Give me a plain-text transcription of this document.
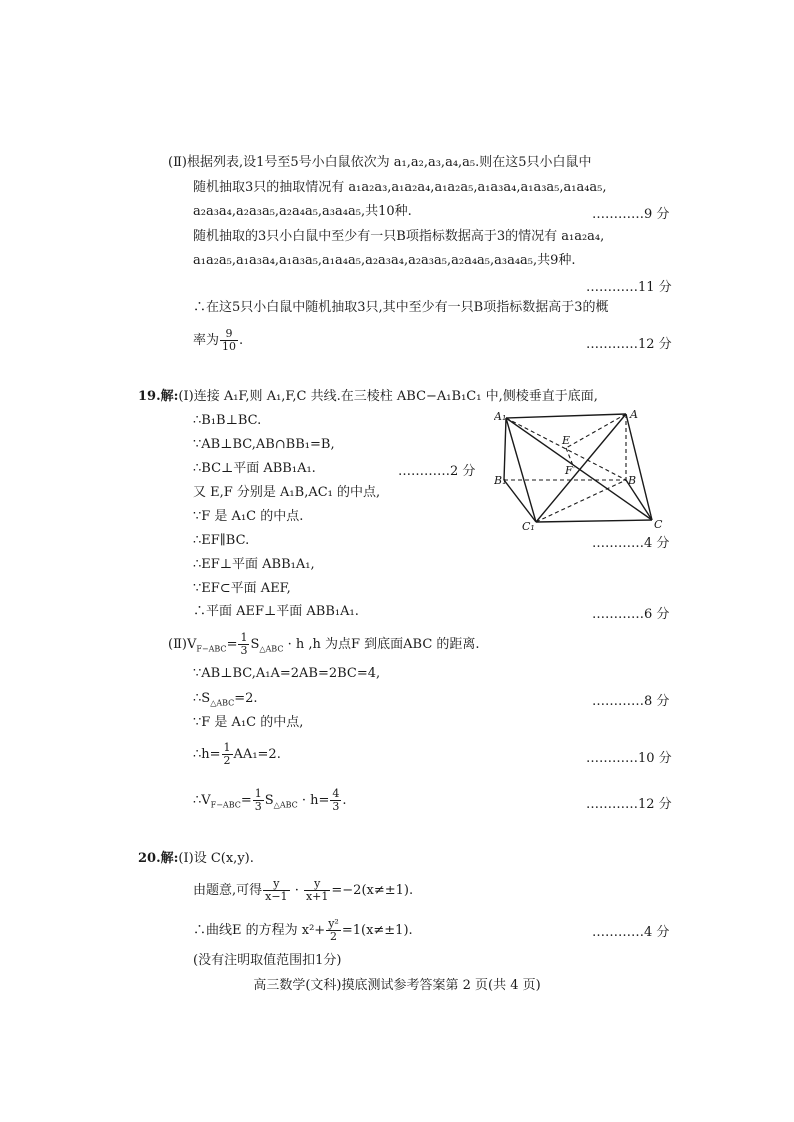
(Ⅱ)根据列表,设1号至5号小白鼠依次为 a₁,a₂,a₃,a₄,a₅.则在这5只小白鼠中
随机抽取3只的抽取情况有 a₁a₂a₃,a₁a₂a₄,a₁a₂a₅,a₁a₃a₄,a₁a₃a₅,a₁a₄a₅,
a₂a₃a₄,a₂a₃a₅,a₂a₄a₅,a₃a₄a₅,共10种.	…………9 分
随机抽取的3只小白鼠中至少有一只B项指标数据高于3的情况有 a₁a₂a₄,
a₁a₂a₅,a₁a₃a₄,a₁a₃a₅,a₁a₄a₅,a₂a₃a₄,a₂a₃a₅,a₂a₄a₅,a₃a₄a₅,共9种.
…………11 分
∴在这5只小白鼠中随机抽取3只,其中至少有一只B项指标数据高于3的概
率为 $\frac{9}{10}$ .	…………12 分
19.解:(Ⅰ)连接 A₁F,则 A₁,F,C 共线.在三棱柱 ABC−A₁B₁C₁ 中,侧棱垂直于底面,
∴B₁B⊥BC.
∵AB⊥BC,AB∩BB₁=B,
∴BC⊥平面 ABB₁A₁.	…………2 分
又 E,F 分别是 A₁B,AC₁ 的中点,
∵F 是 A₁C 的中点.
∴EF∥BC.	…………4 分
∴EF⊥平面 ABB₁A₁,
∵EF⊂平面 AEF,
∴平面 AEF⊥平面 ABB₁A₁.	…………6 分
A₁	A
E
F
B₁	B
C₁	C
$(Ⅱ)V_{F-ABC}= \frac{1}{3} S_{\triangle ABC} \cdot h$ ,h 为点F 到底面ABC 的距离.
∵AB⊥BC,A₁A=2AB=2BC=4,
$\therefore S_{\triangle ABC}=2$.	…………8 分
∵F 是 A₁C 的中点,
∴h= $\frac{1}{2} AA_1=2$.	…………10 分
$\therefore V_{F-ABC}= \frac{1}{3} S_{\triangle ABC} \cdot h= \frac{4}{3}$ .	…………12 分
20.解:(Ⅰ)设 C(x,y).
由题意,可得 $\frac{y}{x-1} \cdot \frac{y}{x+1} =-2(x\ne\pm 1)$.
∴曲线E 的方程为 $x^2+ \frac{\text{y²}}{2} =1(x\ne\pm 1)$.	…………4 分
(没有注明取值范围扣1分)
高三数学(文科)摸底测试参考答案第 2 页(共 4 页)
